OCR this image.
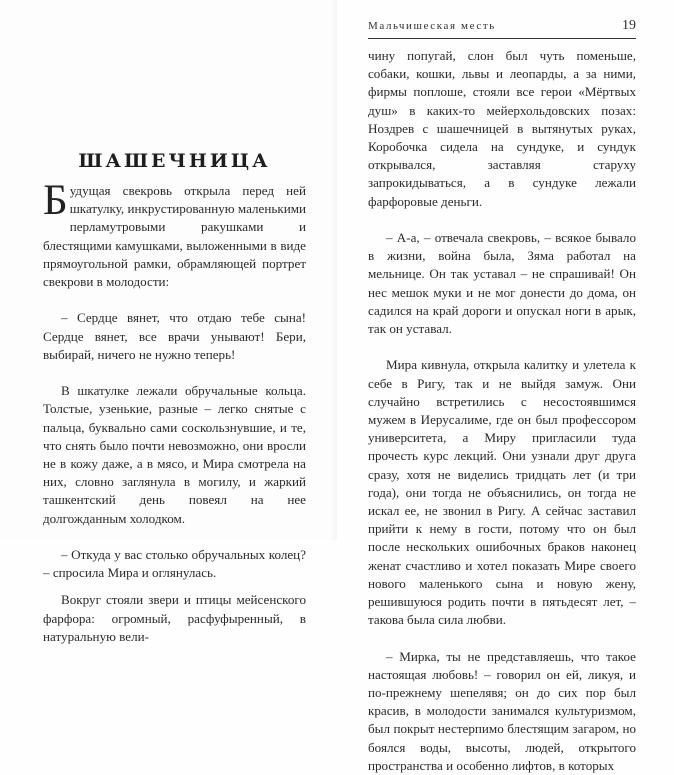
ШАШЕЧНИЦА

Будущая свекровь открыла перед ней шкатулку, инкрустированную маленькими перламутровыми ракушками и блестящими камушками, выложенными в виде прямоугольной рамки, обрамляющей портрет свекрови в молодости:

– Сердце вянет, что отдаю тебе сына! Сердце вянет, все врачи унывают! Бери, выбирай, ничего не нужно теперь!

В шкатулке лежали обручальные кольца. Толстые, узенькие, разные – легко снятые с пальца, буквально сами соскользнувшие, и те, что снять было почти невозможно, они вросли не в кожу даже, а в мясо, и Мира смотрела на них, словно заглянула в могилу, и жаркий ташкентский день повеял на нее долгожданным холодком.

– Откуда у вас столько обручальных колец? – спросила Мира и оглянулась.

Вокруг стояли звери и птицы мейсенского фарфора: огромный, расфуфыренный, в натуральную вели-

Мальчишеская месть	19

чину попугай, слон был чуть поменьше, собаки, кошки, львы и леопарды, а за ними, фирмы поплоше, стояли все герои «Мёртвых душ» в каких-то мейерхольдовских позах: Ноздрев с шашечницей в вытянутых руках, Коробочка сидела на сундуке, и сундук открывался, заставляя старуху запрокидываться, а в сундуке лежали фарфоровые деньги.

– А-а, – отвечала свекровь, – всякое бывало в жизни, война была, Зяма работал на мельнице. Он так уставал – не спрашивай! Он нес мешок муки и не мог донести до дома, он садился на край дороги и опускал ноги в арык, так он уставал.

Мира кивнула, открыла калитку и улетела к себе в Ригу, так и не выйдя замуж. Они случайно встретились с несостоявшимся мужем в Иерусалиме, где он был профессором университета, а Миру пригласили туда прочесть курс лекций. Они узнали друг друга сразу, хотя не виделись тридцать лет (и три года), они тогда не объяснились, он тогда не искал ее, не звонил в Ригу. А сейчас заставил прийти к нему в гости, потому что он был после нескольких ошибочных браков наконец женат счастливо и хотел показать Мире своего нового маленького сына и новую жену, решившуюся родить почти в пятьдесят лет, – такова была сила любви.

– Мирка, ты не представляешь, что такое настоящая любовь! – говорил он ей, ликуя, и по-прежнему шепелявя; он до сих пор был красив, в молодости занимался культуризмом, был покрыт нестерпимо блестящим загаром, но боялся воды, высоты, людей, открытого пространства и особенно лифтов, в которых
